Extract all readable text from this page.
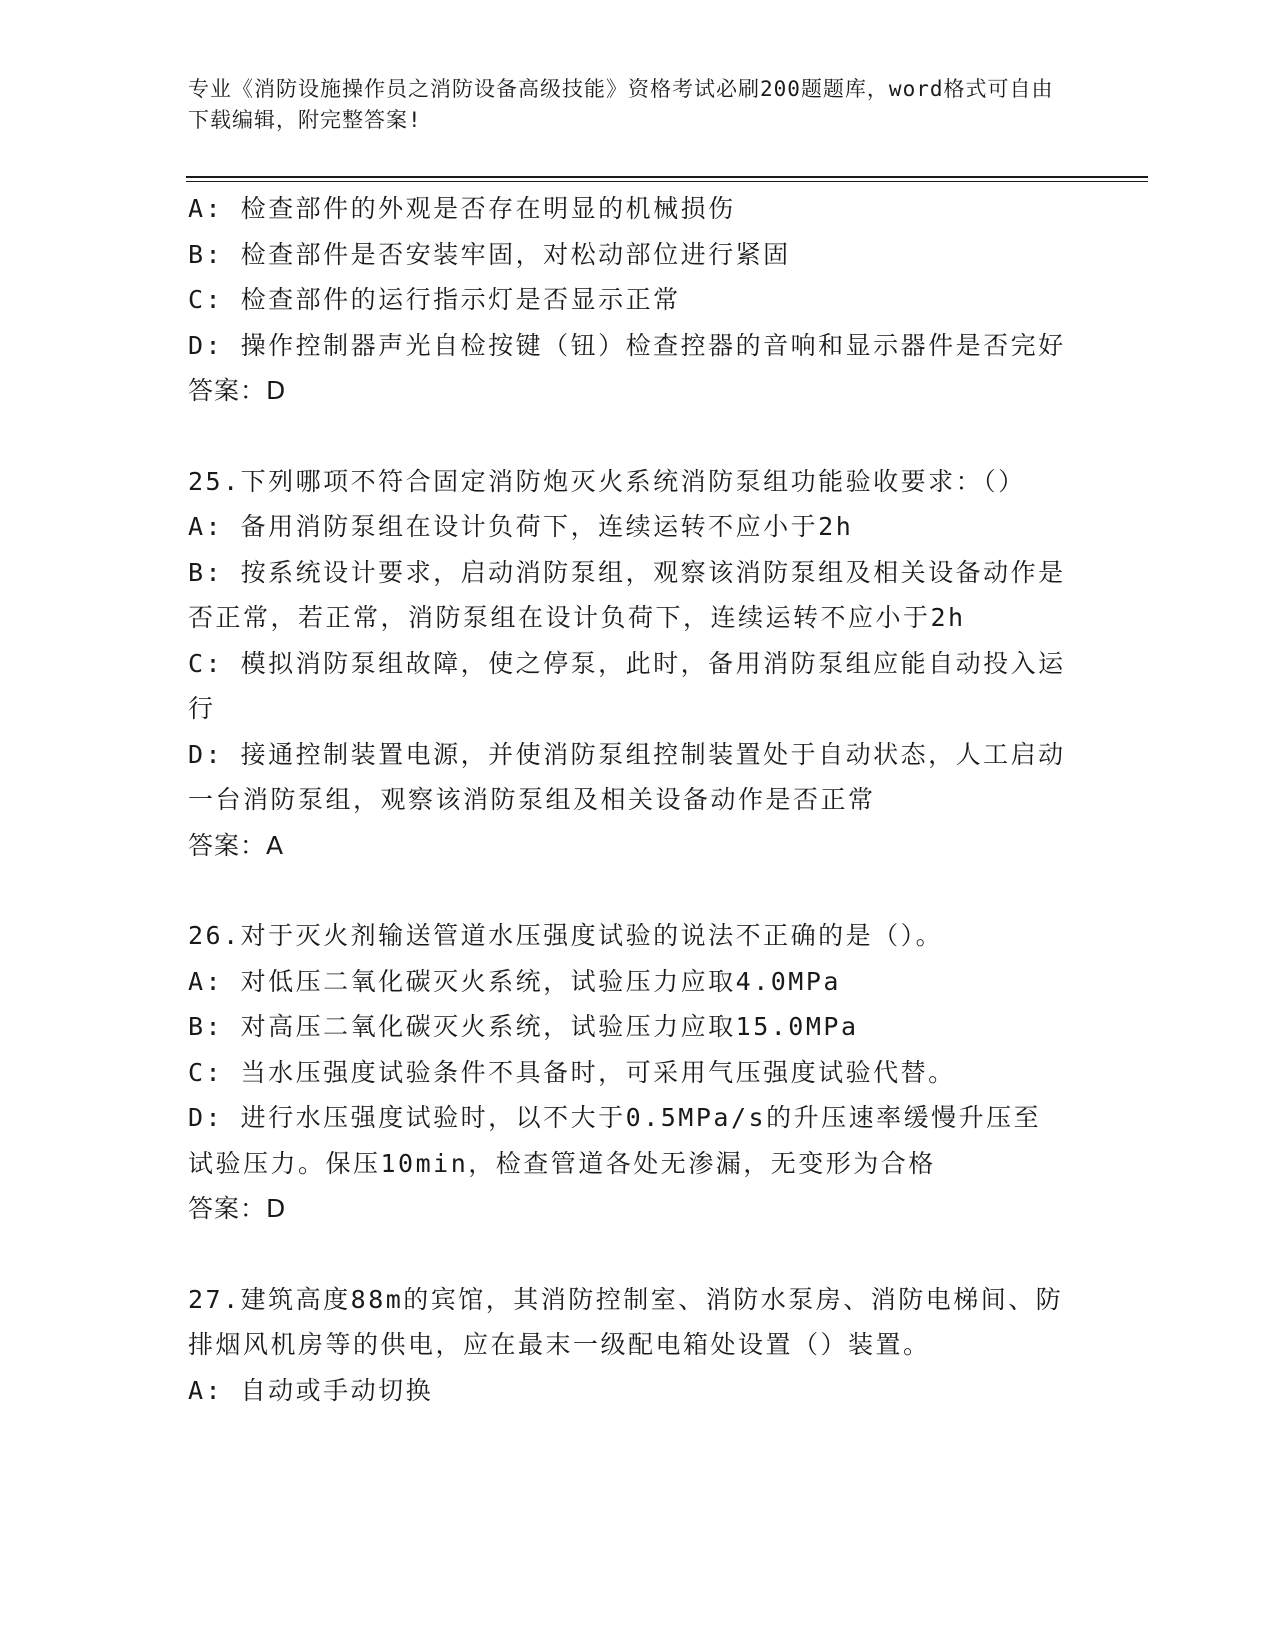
专业《消防设施操作员之消防设备高级技能》资格考试必刷200题题库，word格式可自由下载编辑，附完整答案!

A: 检查部件的外观是否存在明显的机械损伤

B: 检查部件是否安装牢固，对松动部位进行紧固

C: 检查部件的运行指示灯是否显示正常

D: 操作控制器声光自检按键（钮）检查控器的音响和显示器件是否完好

答案：D

25.下列哪项不符合固定消防炮灭火系统消防泵组功能验收要求：（）

A: 备用消防泵组在设计负荷下，连续运转不应小于2h

B: 按系统设计要求，启动消防泵组，观察该消防泵组及相关设备动作是否正常，若正常，消防泵组在设计负荷下，连续运转不应小于2h

C: 模拟消防泵组故障，使之停泵，此时，备用消防泵组应能自动投入运行

D: 接通控制装置电源，并使消防泵组控制装置处于自动状态，人工启动一台消防泵组，观察该消防泵组及相关设备动作是否正常

答案：A

26.对于灭火剂输送管道水压强度试验的说法不正确的是（）。

A: 对低压二氧化碳灭火系统，试验压力应取4.0MPa

B: 对高压二氧化碳灭火系统，试验压力应取15.0MPa

C: 当水压强度试验条件不具备时，可采用气压强度试验代替。

D: 进行水压强度试验时，以不大于0.5MPa/s的升压速率缓慢升压至试验压力。保压10min，检查管道各处无渗漏，无变形为合格

答案：D

27.建筑高度88m的宾馆，其消防控制室、消防水泵房、消防电梯间、防排烟风机房等的供电，应在最末一级配电箱处设置（）装置。

A: 自动或手动切换
